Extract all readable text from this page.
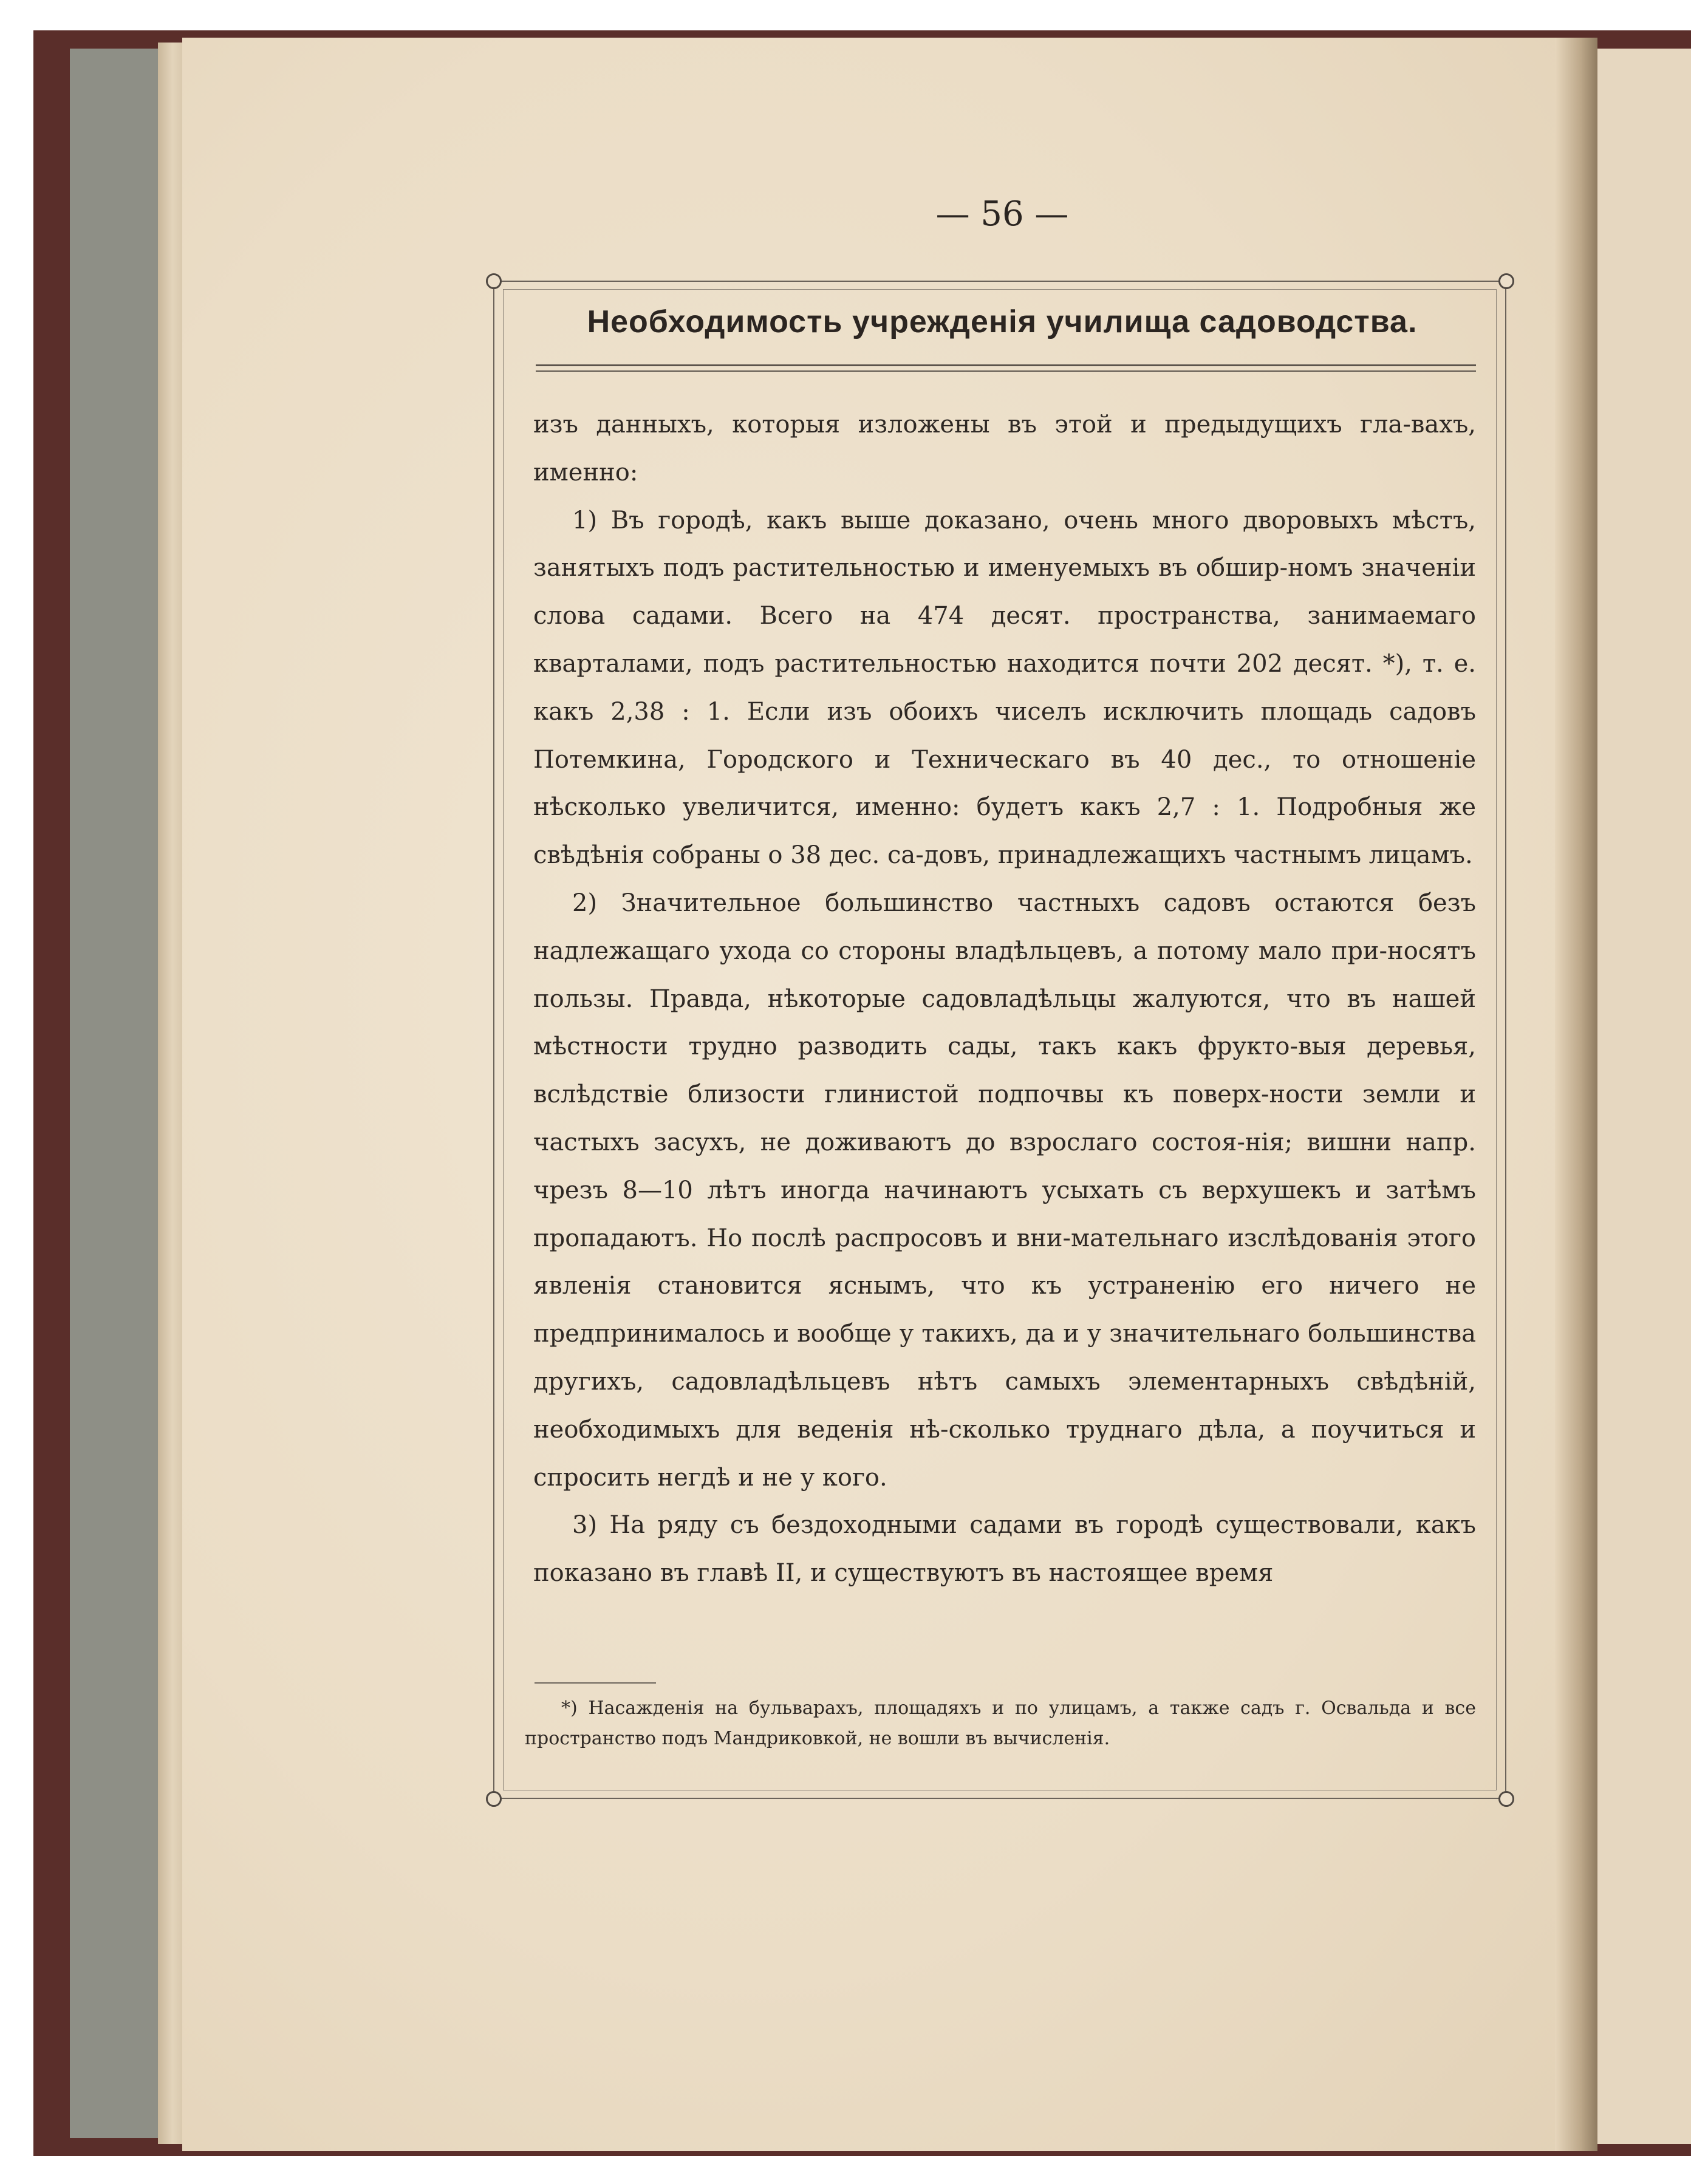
— 56 —
Необходимость учрежденія училища садоводства.

изъ данныхъ, которыя изложены въ этой и предыдущихъ гла-вахъ, именно:

1) Въ городѣ, какъ выше доказано, очень много дворовыхъ мѣстъ, занятыхъ подъ растительностью и именуемыхъ въ обшир-номъ значеніи слова садами. Всего на 474 десят. пространства, занимаемаго кварталами, подъ растительностью находится почти 202 десят. *), т. е. какъ 2,38 : 1. Если изъ обоихъ чиселъ исключить площадь садовъ Потемкина, Городского и Техническаго въ 40 дес., то отношеніе нѣсколько увеличится, именно: будетъ какъ 2,7 : 1. Подробныя же свѣдѣнія собраны о 38 дес. са-довъ, принадлежащихъ частнымъ лицамъ.

2) Значительное большинство частныхъ садовъ остаются безъ надлежащаго ухода со стороны владѣльцевъ, а потому мало при-носятъ пользы. Правда, нѣкоторые садовладѣльцы жалуются, что въ нашей мѣстности трудно разводить сады, такъ какъ фрукто-выя деревья, вслѣдствіе близости глинистой подпочвы къ поверх-ности земли и частыхъ засухъ, не доживаютъ до взрослаго состоя-нія; вишни напр. чрезъ 8—10 лѣтъ иногда начинаютъ усыхать съ верхушекъ и затѣмъ пропадаютъ. Но послѣ распросовъ и вни-мательнаго изслѣдованія этого явленія становится яснымъ, что къ устраненію его ничего не предпринималось и вообще у такихъ, да и у значительнаго большинства другихъ, садовладѣльцевъ нѣтъ самыхъ элементарныхъ свѣдѣній, необходимыхъ для веденія нѣ-сколько труднаго дѣла, а поучиться и спросить негдѣ и не у кого.

3) На ряду съ бездоходными садами въ городѣ существовали, какъ показано въ главѣ II, и существуютъ въ настоящее время

*) Насажденія на бульварахъ, площадяхъ и по улицамъ, а также садъ г. Освальда и все пространство подъ Мандриковкой, не вошли въ вычисленія.
